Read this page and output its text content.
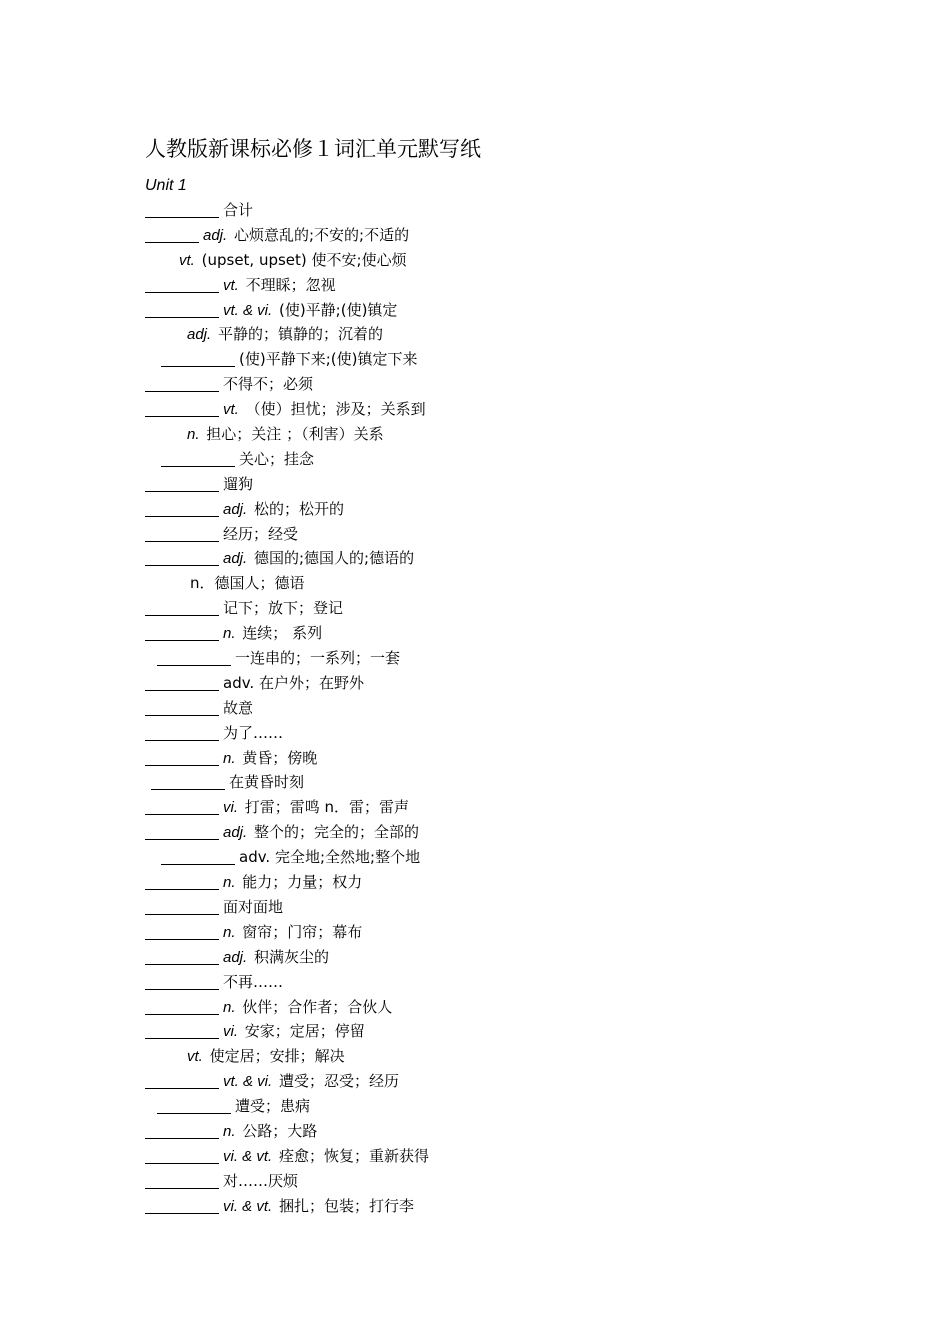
人教版新课标必修１词汇单元默写纸
Unit 1
合计
adj. 心烦意乱的;不安的;不适的
vt. (upset, upset) 使不安;使心烦
vt. 不理睬；忽视
vt. & vi. (使)平静;(使)镇定
adj. 平静的；镇静的；沉着的
(使)平静下来;(使)镇定下来
不得不；必须
vt. （使）担忧；涉及；关系到
n. 担心；关注 ；（利害）关系
关心；挂念
遛狗
adj. 松的；松开的
经历；经受
adj. 德国的;德国人的;德语的
n．德国人；德语
记下；放下；登记
n. 连续； 系列
一连串的；一系列；一套
adv. 在户外；在野外
故意
为了……
n. 黄昏；傍晚
在黄昏时刻
vi. 打雷；雷鸣 n．雷；雷声
adj. 整个的；完全的；全部的
adv. 完全地;全然地;整个地
n. 能力；力量；权力
面对面地
n. 窗帘；门帘；幕布
adj. 积满灰尘的
不再……
n. 伙伴；合作者；合伙人
vi. 安家；定居；停留
vt. 使定居；安排；解决
vt. & vi. 遭受；忍受；经历
遭受；患病
n. 公路；大路
vi. & vt. 痊愈；恢复；重新获得
对……厌烦
vi. & vt. 捆扎；包装；打行李
